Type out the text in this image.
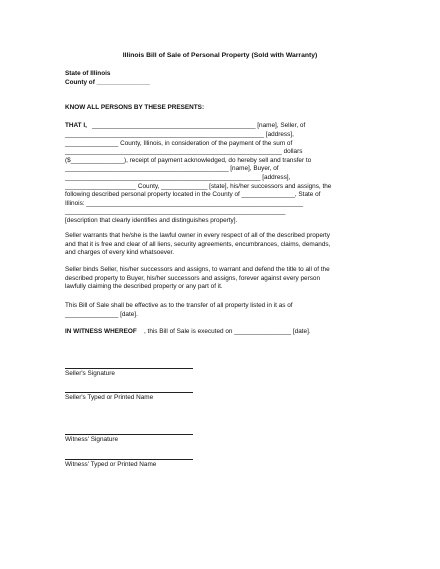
Illinois Bill of Sale of Personal Property (Sold with Warranty)
State of Illinois
County of _______________
KNOW ALL PERSONS BY THESE PRESENTS:
THAT I, ______________________________________________ [name], Seller, of
________________________________________________________ [address],
_______________ County, Illinois, in consideration of the payment of the sum of
_____________________________________________________________ dollars
($_______________), receipt of payment acknowledged, do hereby sell and transfer to
______________________________________________ [name], Buyer, of
_______________________________________________________ [address],
____________________ County, _____________ [state], his/her successors and assigns, the
following described personal property located in the County of _______________, State of
Illinois: _____________________________________________________________
______________________________________________________________
[description that clearly identifies and distinguishes property].
Seller warrants that he/she is the lawful owner in every respect of all of the described property
and that it is free and clear of all liens, security agreements, encumbrances, claims, demands,
and charges of every kind whatsoever.
Seller binds Seller, his/her successors and assigns, to warrant and defend the title to all of the
described property to Buyer, his/her successors and assigns, forever against every person
lawfully claiming the described property or any part of it.
This Bill of Sale shall be effective as to the transfer of all property listed in it as of
_______________ [date].
IN WITNESS WHEREOF , this Bill of Sale is executed on ________________ [date].
Seller's Signature
Seller's Typed or Printed Name
Witness' Signature
Witness' Typed or Printed Name
